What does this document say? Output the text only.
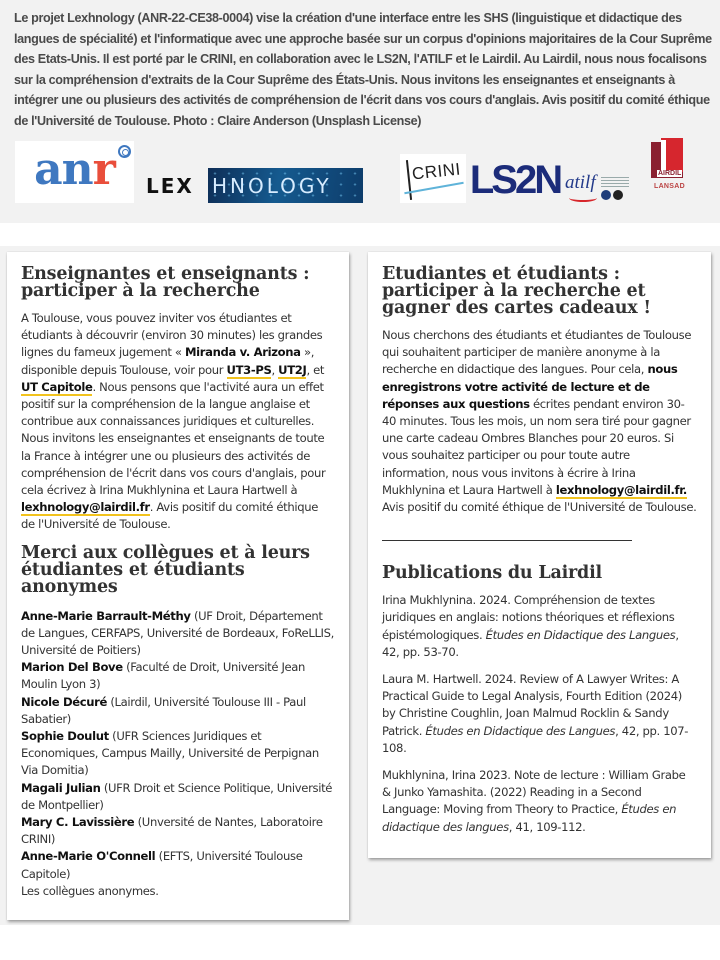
Le projet Lexhnology (ANR-22-CE38-0004) vise la création d'une interface entre les SHS (linguistique et didactique des langues de spécialité) et l'informatique avec une approche basée sur un corpus d'opinions majoritaires de la Cour Suprême des Etats-Unis. Il est porté par le CRINI, en collaboration avec le LS2N, l'ATILF et le Lairdil. Au Lairdil, nous nous focalisons sur la compréhension d'extraits de la Cour Suprême des États-Unis. Nous invitons les enseignantes et enseignants à intégrer une ou plusieurs des activités de compréhension de l'écrit dans vos cours d'anglais. Avis positif du comité éthique de l'Université de Toulouse. Photo : Claire Anderson (Unsplash License)

anr LEX HNOLOGY
CRINI LS2N atilf	AIRDIL
LANSAD
Enseignantes et enseignants : participer à la recherche

A Toulouse, vous pouvez inviter vos étudiantes et étudiants à découvrir (environ 30 minutes) les grandes lignes du fameux jugement « Miranda v. Arizona », disponible depuis Toulouse, voir pour UT3-PS, UT2J, et UT Capitole. Nous pensons que l'activité aura un effet positif sur la compréhension de la langue anglaise et contribue aux connaissances juridiques et culturelles. Nous invitons les enseignantes et enseignants de toute la France à intégrer une ou plusieurs des activités de compréhension de l'écrit dans vos cours d'anglais, pour cela écrivez à Irina Mukhlynina et Laura Hartwell à lexhnology@lairdil.fr. Avis positif du comité éthique de l'Université de Toulouse.

Merci aux collègues et à leurs étudiantes et étudiants anonymes
Anne-Marie Barrault-Méthy (UF Droit, Département de Langues, CERFAPS, Université de Bordeaux, FoReLLIS, Université de Poitiers)
Marion Del Bove (Faculté de Droit, Université Jean Moulin Lyon 3)
Nicole Décuré (Lairdil, Université Toulouse III - Paul Sabatier)
Sophie Doulut (UFR Sciences Juridiques et Economiques, Campus Mailly, Université de Perpignan Via Domitia)
Magali Julian (UFR Droit et Science Politique, Université de Montpellier)
Mary C. Lavissière (Unversité de Nantes, Laboratoire CRINI)
Anne-Marie O'Connell (EFTS, Université Toulouse Capitole)
Les collègues anonymes.
Etudiantes et étudiants : participer à la recherche et gagner des cartes cadeaux !

Nous cherchons des étudiants et étudiantes de Toulouse qui souhaitent participer de manière anonyme à la recherche en didactique des langues. Pour cela, nous enregistrons votre activité de lecture et de réponses aux questions écrites pendant environ 30-40 minutes. Tous les mois, un nom sera tiré pour gagner une carte cadeau Ombres Blanches pour 20 euros. Si vous souhaitez participer ou pour toute autre information, nous vous invitons à écrire à Irina Mukhlynina et Laura Hartwell à lexhnology@lairdil.fr. Avis positif du comité éthique de l'Université de Toulouse.

Publications du Lairdil

Irina Mukhlynina. 2024. Compréhension de textes juridiques en anglais: notions théoriques et réflexions épistémologiques. Études en Didactique des Langues, 42, pp. 53-70.

Laura M. Hartwell. 2024. Review of A Lawyer Writes: A Practical Guide to Legal Analysis, Fourth Edition (2024) by Christine Coughlin, Joan Malmud Rocklin & Sandy Patrick. Études en Didactique des Langues, 42, pp. 107-108.

Mukhlynina, Irina 2023. Note de lecture : William Grabe & Junko Yamashita. (2022) Reading in a Second Language: Moving from Theory to Practice, Études en didactique des langues, 41, 109-112.
